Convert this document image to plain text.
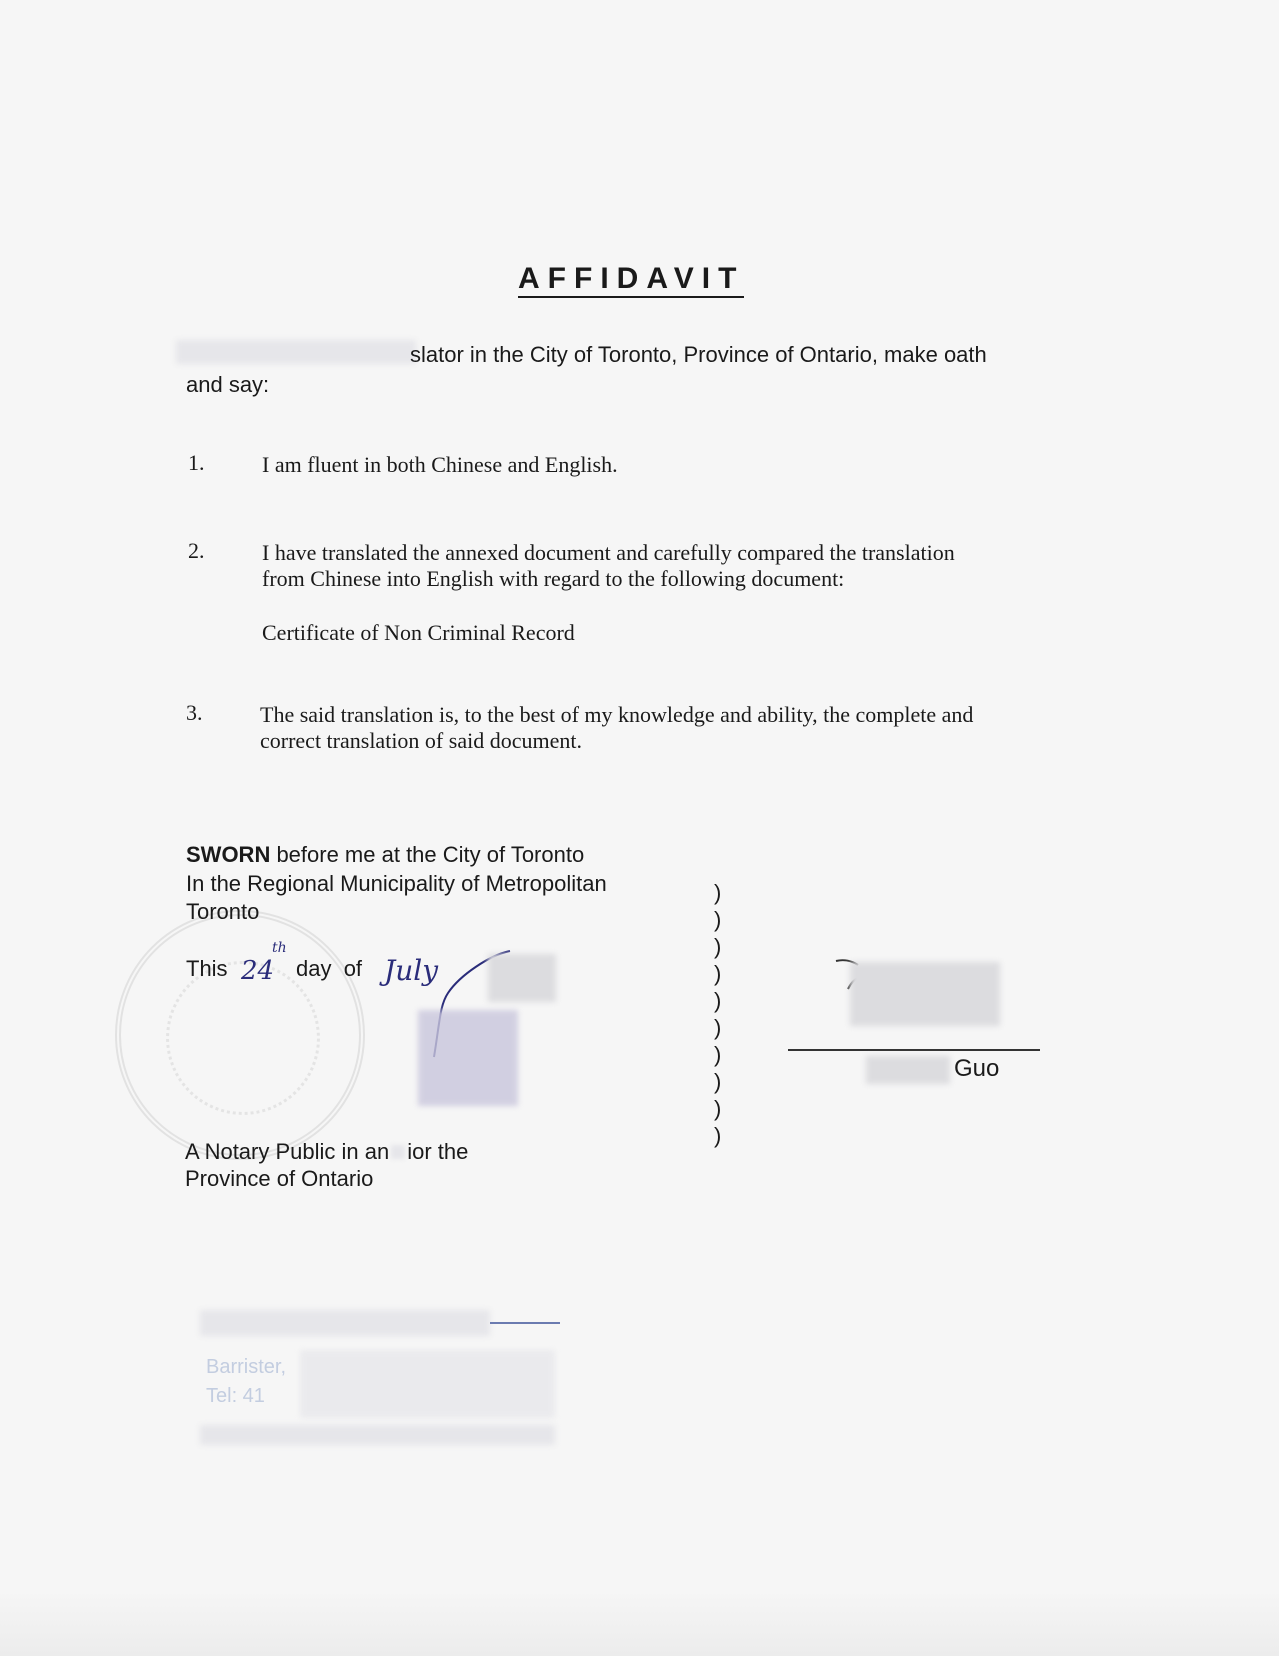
AFFIDAVIT
slator in the City of Toronto, Province of Ontario, make oath
and say:
1.	I am fluent in both Chinese and English.
2.	I have translated the annexed document and carefully compared the translation
from Chinese into English with regard to the following document:
Certificate of Non Criminal Record
3.	The said translation is, to the best of my knowledge and ability, the complete and
correct translation of said document.
SWORN before me at the City of Toronto
In the Regional Municipality of Metropolitan
Toronto
This 24
th
day  of July
A Notary Public in an ior the
Province of Ontario
)
)
)
)
)
)
)
)
)
)
Guo
Barrister,
Tel: 41
